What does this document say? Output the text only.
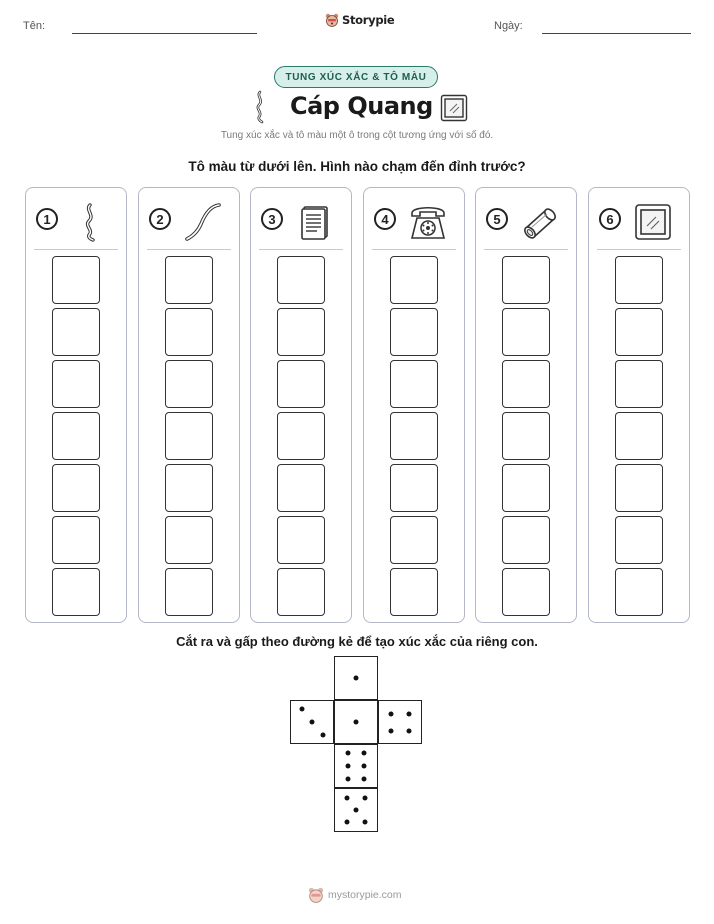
Tên:	Storypie	Ngày:
TUNG XÚC XẮC & TÔ MÀU
Cáp Quang
Tung xúc xắc và tô màu một ô trong cột tương ứng với số đó.
Tô màu từ dưới lên. Hình nào chạm đến đỉnh trước?
1	2	3	4	5	6
Cắt ra và gấp theo đường kẻ để tạo xúc xắc của riêng con.
mystorypie.com
